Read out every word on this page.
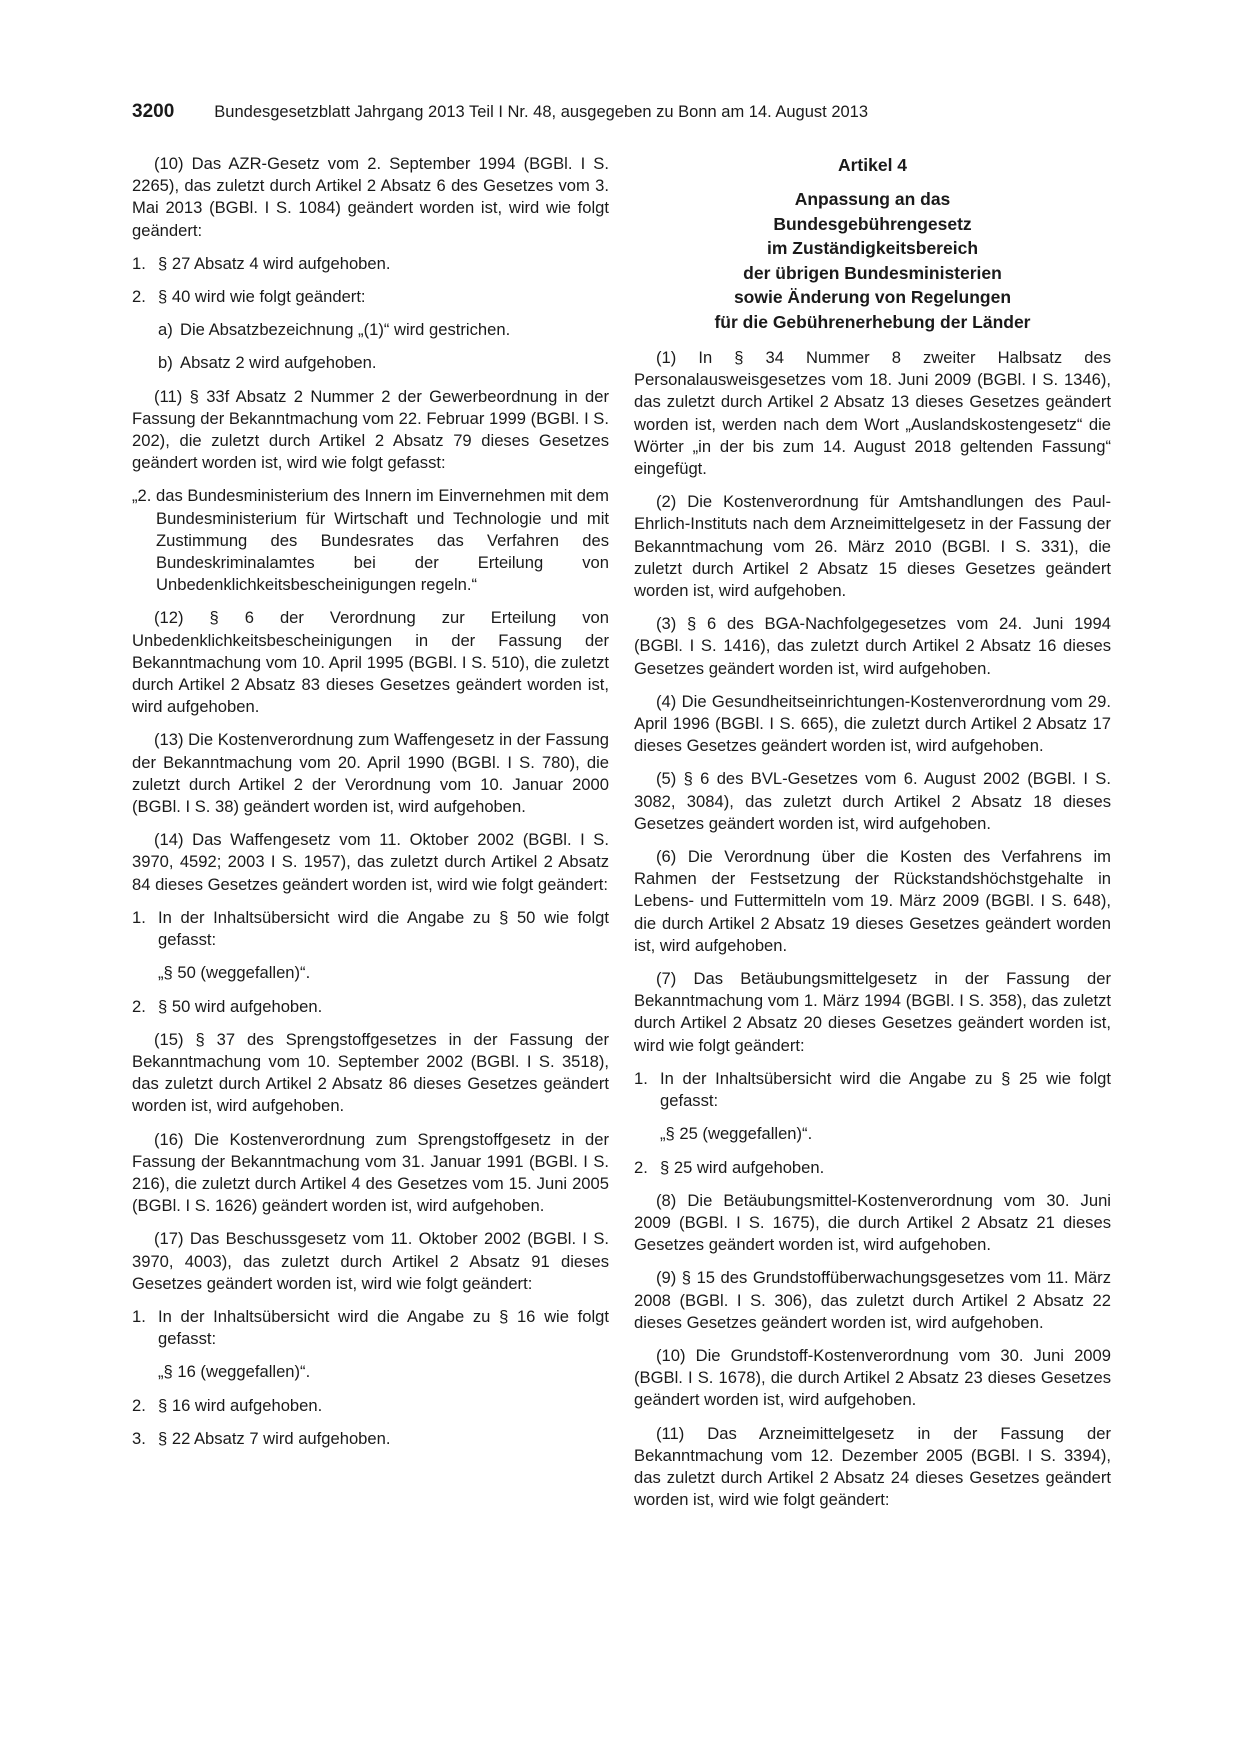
3200 Bundesgesetzblatt Jahrgang 2013 Teil I Nr. 48, ausgegeben zu Bonn am 14. August 2013

(10) Das AZR-Gesetz vom 2. September 1994 (BGBl. I S. 2265), das zuletzt durch Artikel 2 Absatz 6 des Gesetzes vom 3. Mai 2013 (BGBl. I S. 1084) geändert worden ist, wird wie folgt geändert:

1. § 27 Absatz 4 wird aufgehoben.
2. § 40 wird wie folgt geändert:
a) Die Absatzbezeichnung „(1)“ wird gestrichen.
b) Absatz 2 wird aufgehoben.

(11) § 33f Absatz 2 Nummer 2 der Gewerbeordnung in der Fassung der Bekanntmachung vom 22. Februar 1999 (BGBl. I S. 202), die zuletzt durch Artikel 2 Absatz 79 dieses Gesetzes geändert worden ist, wird wie folgt gefasst:

„2. das Bundesministerium des Innern im Einvernehmen mit dem Bundesministerium für Wirtschaft und Technologie und mit Zustimmung des Bundesrates das Verfahren des Bundeskriminalamtes bei der Erteilung von Unbedenklichkeitsbescheinigungen regeln.“

(12) § 6 der Verordnung zur Erteilung von Unbedenklichkeitsbescheinigungen in der Fassung der Bekanntmachung vom 10. April 1995 (BGBl. I S. 510), die zuletzt durch Artikel 2 Absatz 83 dieses Gesetzes geändert worden ist, wird aufgehoben.

(13) Die Kostenverordnung zum Waffengesetz in der Fassung der Bekanntmachung vom 20. April 1990 (BGBl. I S. 780), die zuletzt durch Artikel 2 der Verordnung vom 10. Januar 2000 (BGBl. I S. 38) geändert worden ist, wird aufgehoben.

(14) Das Waffengesetz vom 11. Oktober 2002 (BGBl. I S. 3970, 4592; 2003 I S. 1957), das zuletzt durch Artikel 2 Absatz 84 dieses Gesetzes geändert worden ist, wird wie folgt geändert:

1. In der Inhaltsübersicht wird die Angabe zu § 50 wie folgt gefasst:
„§ 50 (weggefallen)“.
2. § 50 wird aufgehoben.

(15) § 37 des Sprengstoffgesetzes in der Fassung der Bekanntmachung vom 10. September 2002 (BGBl. I S. 3518), das zuletzt durch Artikel 2 Absatz 86 dieses Gesetzes geändert worden ist, wird aufgehoben.

(16) Die Kostenverordnung zum Sprengstoffgesetz in der Fassung der Bekanntmachung vom 31. Januar 1991 (BGBl. I S. 216), die zuletzt durch Artikel 4 des Gesetzes vom 15. Juni 2005 (BGBl. I S. 1626) geändert worden ist, wird aufgehoben.

(17) Das Beschussgesetz vom 11. Oktober 2002 (BGBl. I S. 3970, 4003), das zuletzt durch Artikel 2 Absatz 91 dieses Gesetzes geändert worden ist, wird wie folgt geändert:

1. In der Inhaltsübersicht wird die Angabe zu § 16 wie folgt gefasst:
„§ 16 (weggefallen)“.
2. § 16 wird aufgehoben.
3. § 22 Absatz 7 wird aufgehoben.
Artikel 4
Anpassung an das
Bundesgebührengesetz
im Zuständigkeitsbereich
der übrigen Bundesministerien
sowie Änderung von Regelungen
für die Gebührenerhebung der Länder

(1) In § 34 Nummer 8 zweiter Halbsatz des Personalausweisgesetzes vom 18. Juni 2009 (BGBl. I S. 1346), das zuletzt durch Artikel 2 Absatz 13 dieses Gesetzes geändert worden ist, werden nach dem Wort „Auslandskostengesetz“ die Wörter „in der bis zum 14. August 2018 geltenden Fassung“ eingefügt.

(2) Die Kostenverordnung für Amtshandlungen des Paul-Ehrlich-Instituts nach dem Arzneimittelgesetz in der Fassung der Bekanntmachung vom 26. März 2010 (BGBl. I S. 331), die zuletzt durch Artikel 2 Absatz 15 dieses Gesetzes geändert worden ist, wird aufgehoben.

(3) § 6 des BGA-Nachfolgegesetzes vom 24. Juni 1994 (BGBl. I S. 1416), das zuletzt durch Artikel 2 Absatz 16 dieses Gesetzes geändert worden ist, wird aufgehoben.

(4) Die Gesundheitseinrichtungen-Kostenverordnung vom 29. April 1996 (BGBl. I S. 665), die zuletzt durch Artikel 2 Absatz 17 dieses Gesetzes geändert worden ist, wird aufgehoben.

(5) § 6 des BVL-Gesetzes vom 6. August 2002 (BGBl. I S. 3082, 3084), das zuletzt durch Artikel 2 Absatz 18 dieses Gesetzes geändert worden ist, wird aufgehoben.

(6) Die Verordnung über die Kosten des Verfahrens im Rahmen der Festsetzung der Rückstandshöchstgehalte in Lebens- und Futtermitteln vom 19. März 2009 (BGBl. I S. 648), die durch Artikel 2 Absatz 19 dieses Gesetzes geändert worden ist, wird aufgehoben.

(7) Das Betäubungsmittelgesetz in der Fassung der Bekanntmachung vom 1. März 1994 (BGBl. I S. 358), das zuletzt durch Artikel 2 Absatz 20 dieses Gesetzes geändert worden ist, wird wie folgt geändert:

1. In der Inhaltsübersicht wird die Angabe zu § 25 wie folgt gefasst:
„§ 25 (weggefallen)“.
2. § 25 wird aufgehoben.

(8) Die Betäubungsmittel-Kostenverordnung vom 30. Juni 2009 (BGBl. I S. 1675), die durch Artikel 2 Absatz 21 dieses Gesetzes geändert worden ist, wird aufgehoben.

(9) § 15 des Grundstoffüberwachungsgesetzes vom 11. März 2008 (BGBl. I S. 306), das zuletzt durch Artikel 2 Absatz 22 dieses Gesetzes geändert worden ist, wird aufgehoben.

(10) Die Grundstoff-Kostenverordnung vom 30. Juni 2009 (BGBl. I S. 1678), die durch Artikel 2 Absatz 23 dieses Gesetzes geändert worden ist, wird aufgehoben.

(11) Das Arzneimittelgesetz in der Fassung der Bekanntmachung vom 12. Dezember 2005 (BGBl. I S. 3394), das zuletzt durch Artikel 2 Absatz 24 dieses Gesetzes geändert worden ist, wird wie folgt geändert:
